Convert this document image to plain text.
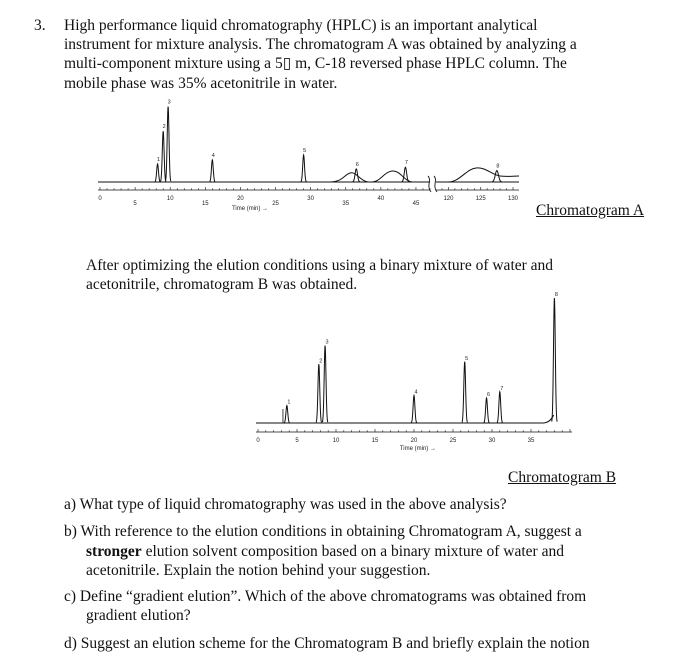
3. High performance liquid chromatography (HPLC) is an important analytical
instrument for mixture analysis. The chromatogram A was obtained by analyzing a
multi-component mixture using a 5▯ m, C-18 reversed phase HPLC column. The
mobile phase was 35% acetonitrile in water.
1
2
3
4
5
6	7
8
0
5
10
15
20
25
30
35
40
45
120	125	130
Time (min) →	Chromatogram A
After optimizing the elution conditions using a binary mixture of water and
acetonitrile, chromatogram B was obtained.
1
2
3
4
5
6
7
8
0	5	10	15	20	25	30	35
Time (min) →
Chromatogram B
a) What type of liquid chromatography was used in the above analysis?
b) With reference to the elution conditions in obtaining Chromatogram A, suggest a
stronger elution solvent composition based on a binary mixture of water and
acetonitrile. Explain the notion behind your suggestion.
c) Define “gradient elution”. Which of the above chromatograms was obtained from
gradient elution?
d) Suggest an elution scheme for the Chromatogram B and briefly explain the notion
